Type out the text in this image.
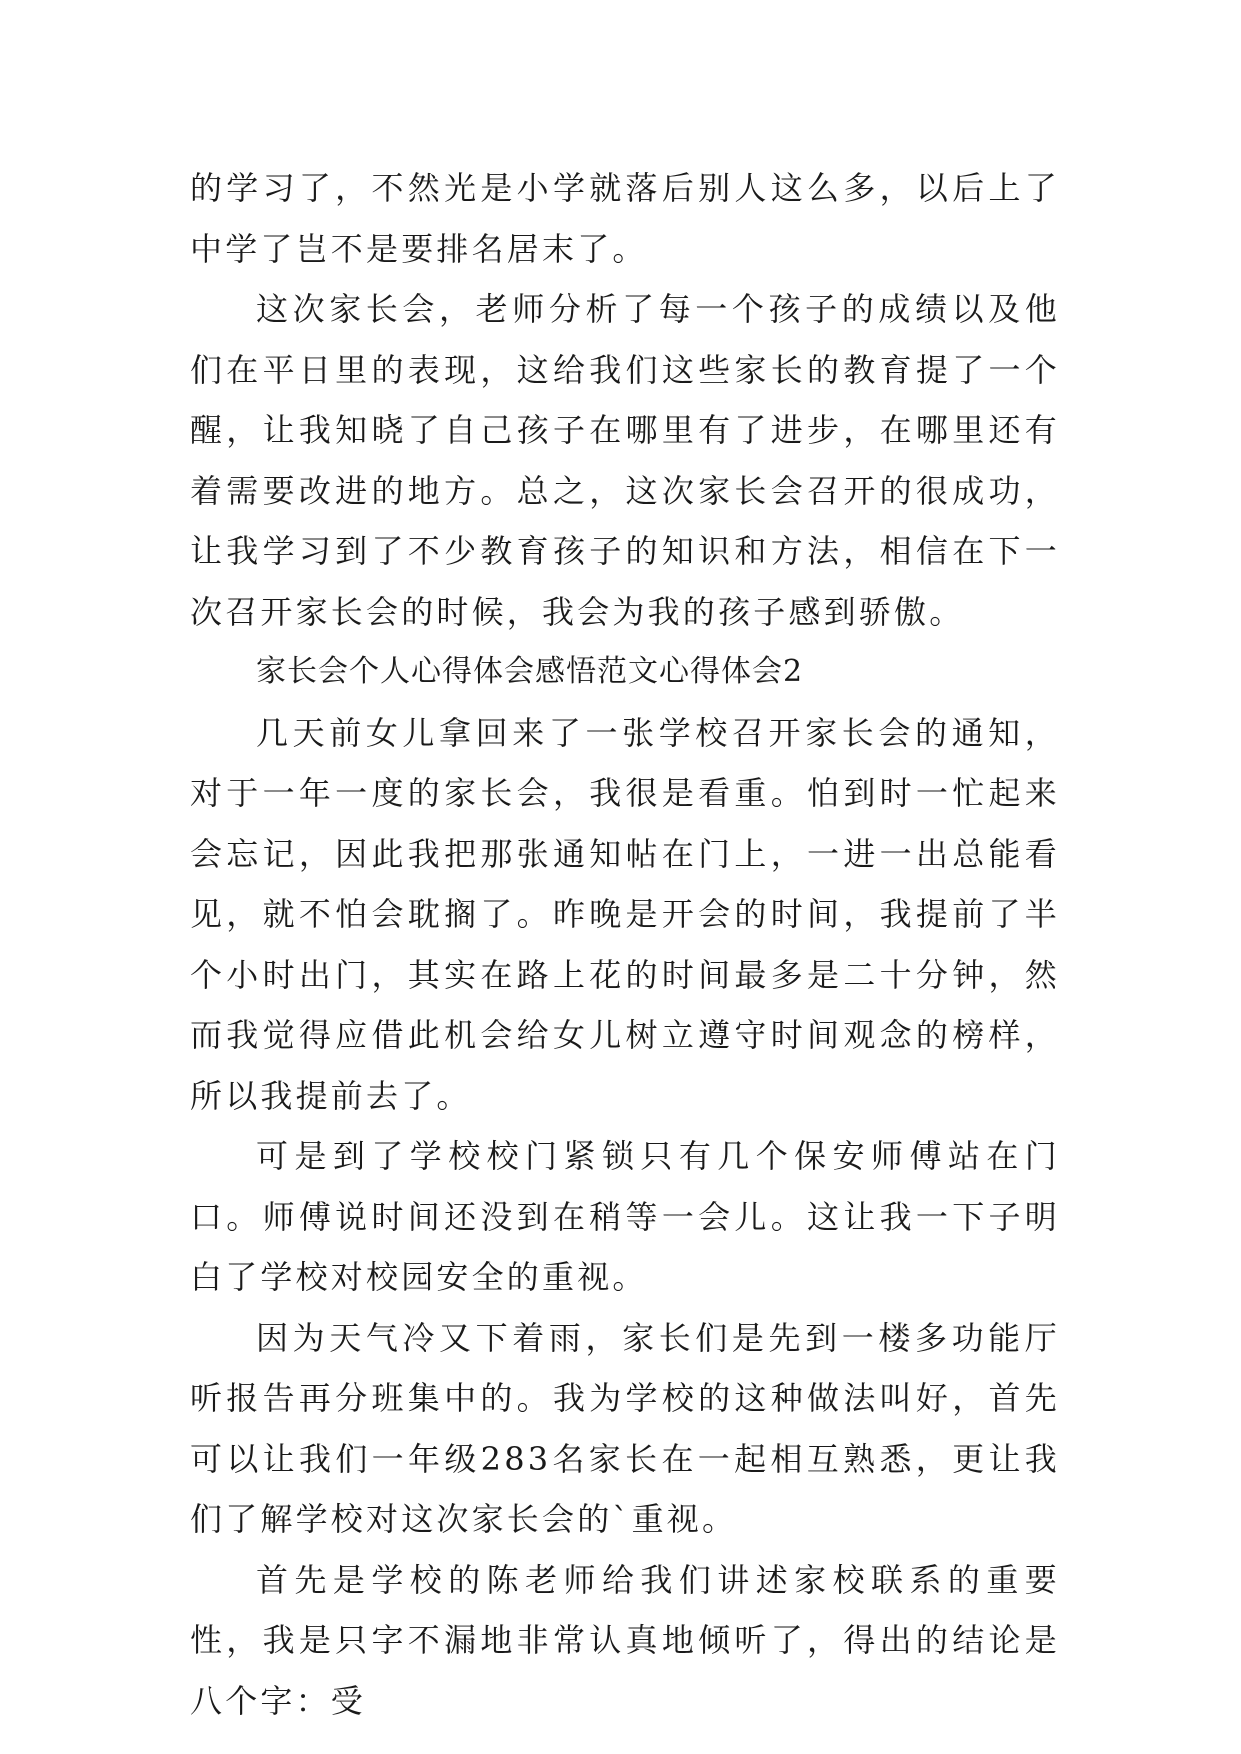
的学习了，不然光是小学就落后别人这么多，以后上了中学了岂不是要排名居末了。

这次家长会，老师分析了每一个孩子的成绩以及他们在平日里的表现，这给我们这些家长的教育提了一个醒，让我知晓了自己孩子在哪里有了进步，在哪里还有着需要改进的地方。总之，这次家长会召开的很成功，让我学习到了不少教育孩子的知识和方法，相信在下一次召开家长会的时候，我会为我的孩子感到骄傲。

家长会个人心得体会感悟范文心得体会2

几天前女儿拿回来了一张学校召开家长会的通知，对于一年一度的家长会，我很是看重。怕到时一忙起来会忘记，因此我把那张通知帖在门上，一进一出总能看见，就不怕会耽搁了。昨晚是开会的时间，我提前了半个小时出门，其实在路上花的时间最多是二十分钟，然而我觉得应借此机会给女儿树立遵守时间观念的榜样，所以我提前去了。

可是到了学校校门紧锁只有几个保安师傅站在门口。师傅说时间还没到在稍等一会儿。这让我一下子明白了学校对校园安全的重视。

因为天气冷又下着雨，家长们是先到一楼多功能厅听报告再分班集中的。我为学校的这种做法叫好，首先可以让我们一年级283名家长在一起相互熟悉，更让我们了解学校对这次家长会的`重视。

首先是学校的陈老师给我们讲述家校联系的重要性，我是只字不漏地非常认真地倾听了，得出的结论是八个字：受
